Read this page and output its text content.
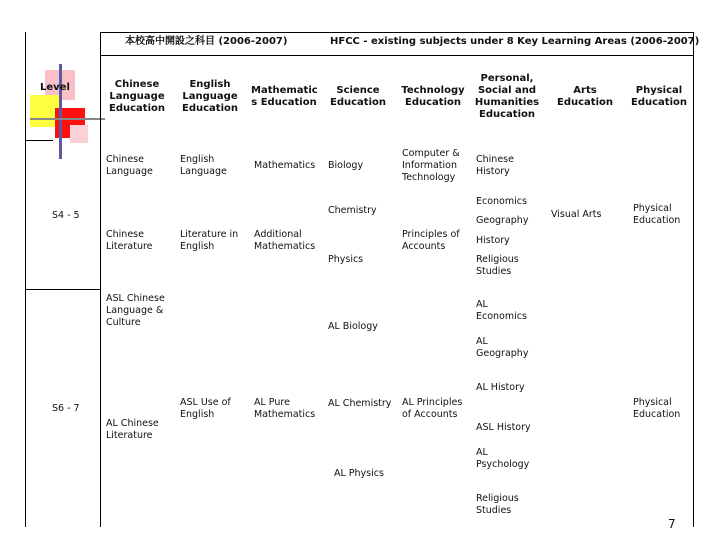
本校高中開設之科目 (2006-2007)	HFCC - existing subjects under 8 Key Learning Areas (2006-2007)
Level	Chinese Language Education
English Language Education
Mathematic s Education
Science Education
Technology Education
Personal, Social and Humanities Education
Arts Education
Physical Education
S4 - 5
S6 - 7
Chinese Language
Chinese Literature
English Language
Literature in English
Mathematics
Additional Mathematics
Biology
Chemistry
Physics
Computer & Information Technology
Principles of Accounts
Chinese History
Economics
Geography
History
Religious Studies
Visual Arts
Physical Education
ASL Chinese Language & Culture
AL Chinese Literature
ASL Use of English
AL Pure Mathematics
AL Biology
AL Chemistry
AL Physics
AL Principles of Accounts
AL Economics
AL Geography
AL History
ASL History
AL Psychology
Religious Studies
Physical Education
7
